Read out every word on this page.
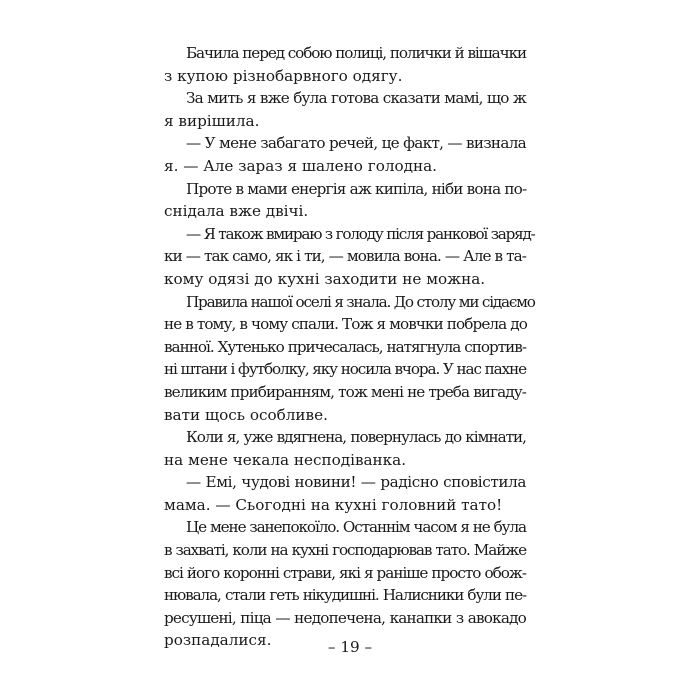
Бачила перед собою полиці, полички й вішачки
з купою різнобарвного одягу.
За мить я вже була готова сказати мамі, що ж
я вирішила.
— У мене забагато речей, це факт, — визнала
я. — Але зараз я шалено голодна.
Проте в мами енергія аж кипіла, ніби вона по-
снідала вже двічі.
— Я також вмираю з голоду після ранкової заряд-
ки — так само, як і ти, — мовила вона. — Але в та-
кому одязі до кухні заходити не можна.
Правила нашої оселі я знала. До столу ми сідаємо
не в тому, в чому спали. Тож я мовчки побрела до
ванної. Хутенько причесалась, натягнула спортив-
ні штани і футболку, яку носила вчора. У нас пахне
великим прибиранням, тож мені не треба вигаду-
вати щось особливе.
Коли я, уже вдягнена, повернулась до кімнати,
на мене чекала несподіванка.
— Емі, чудові новини! — радісно сповістила
мама. — Сьогодні на кухні головний тато!
Це мене занепокоїло. Останнім часом я не була
в захваті, коли на кухні господарював тато. Майже
всі його коронні страви, які я раніше просто обож-
нювала, стали геть нікудишні. Налисники були пе-
ресушені, піца — недопечена, канапки з авокадо
розпадалися.	– 19 –
